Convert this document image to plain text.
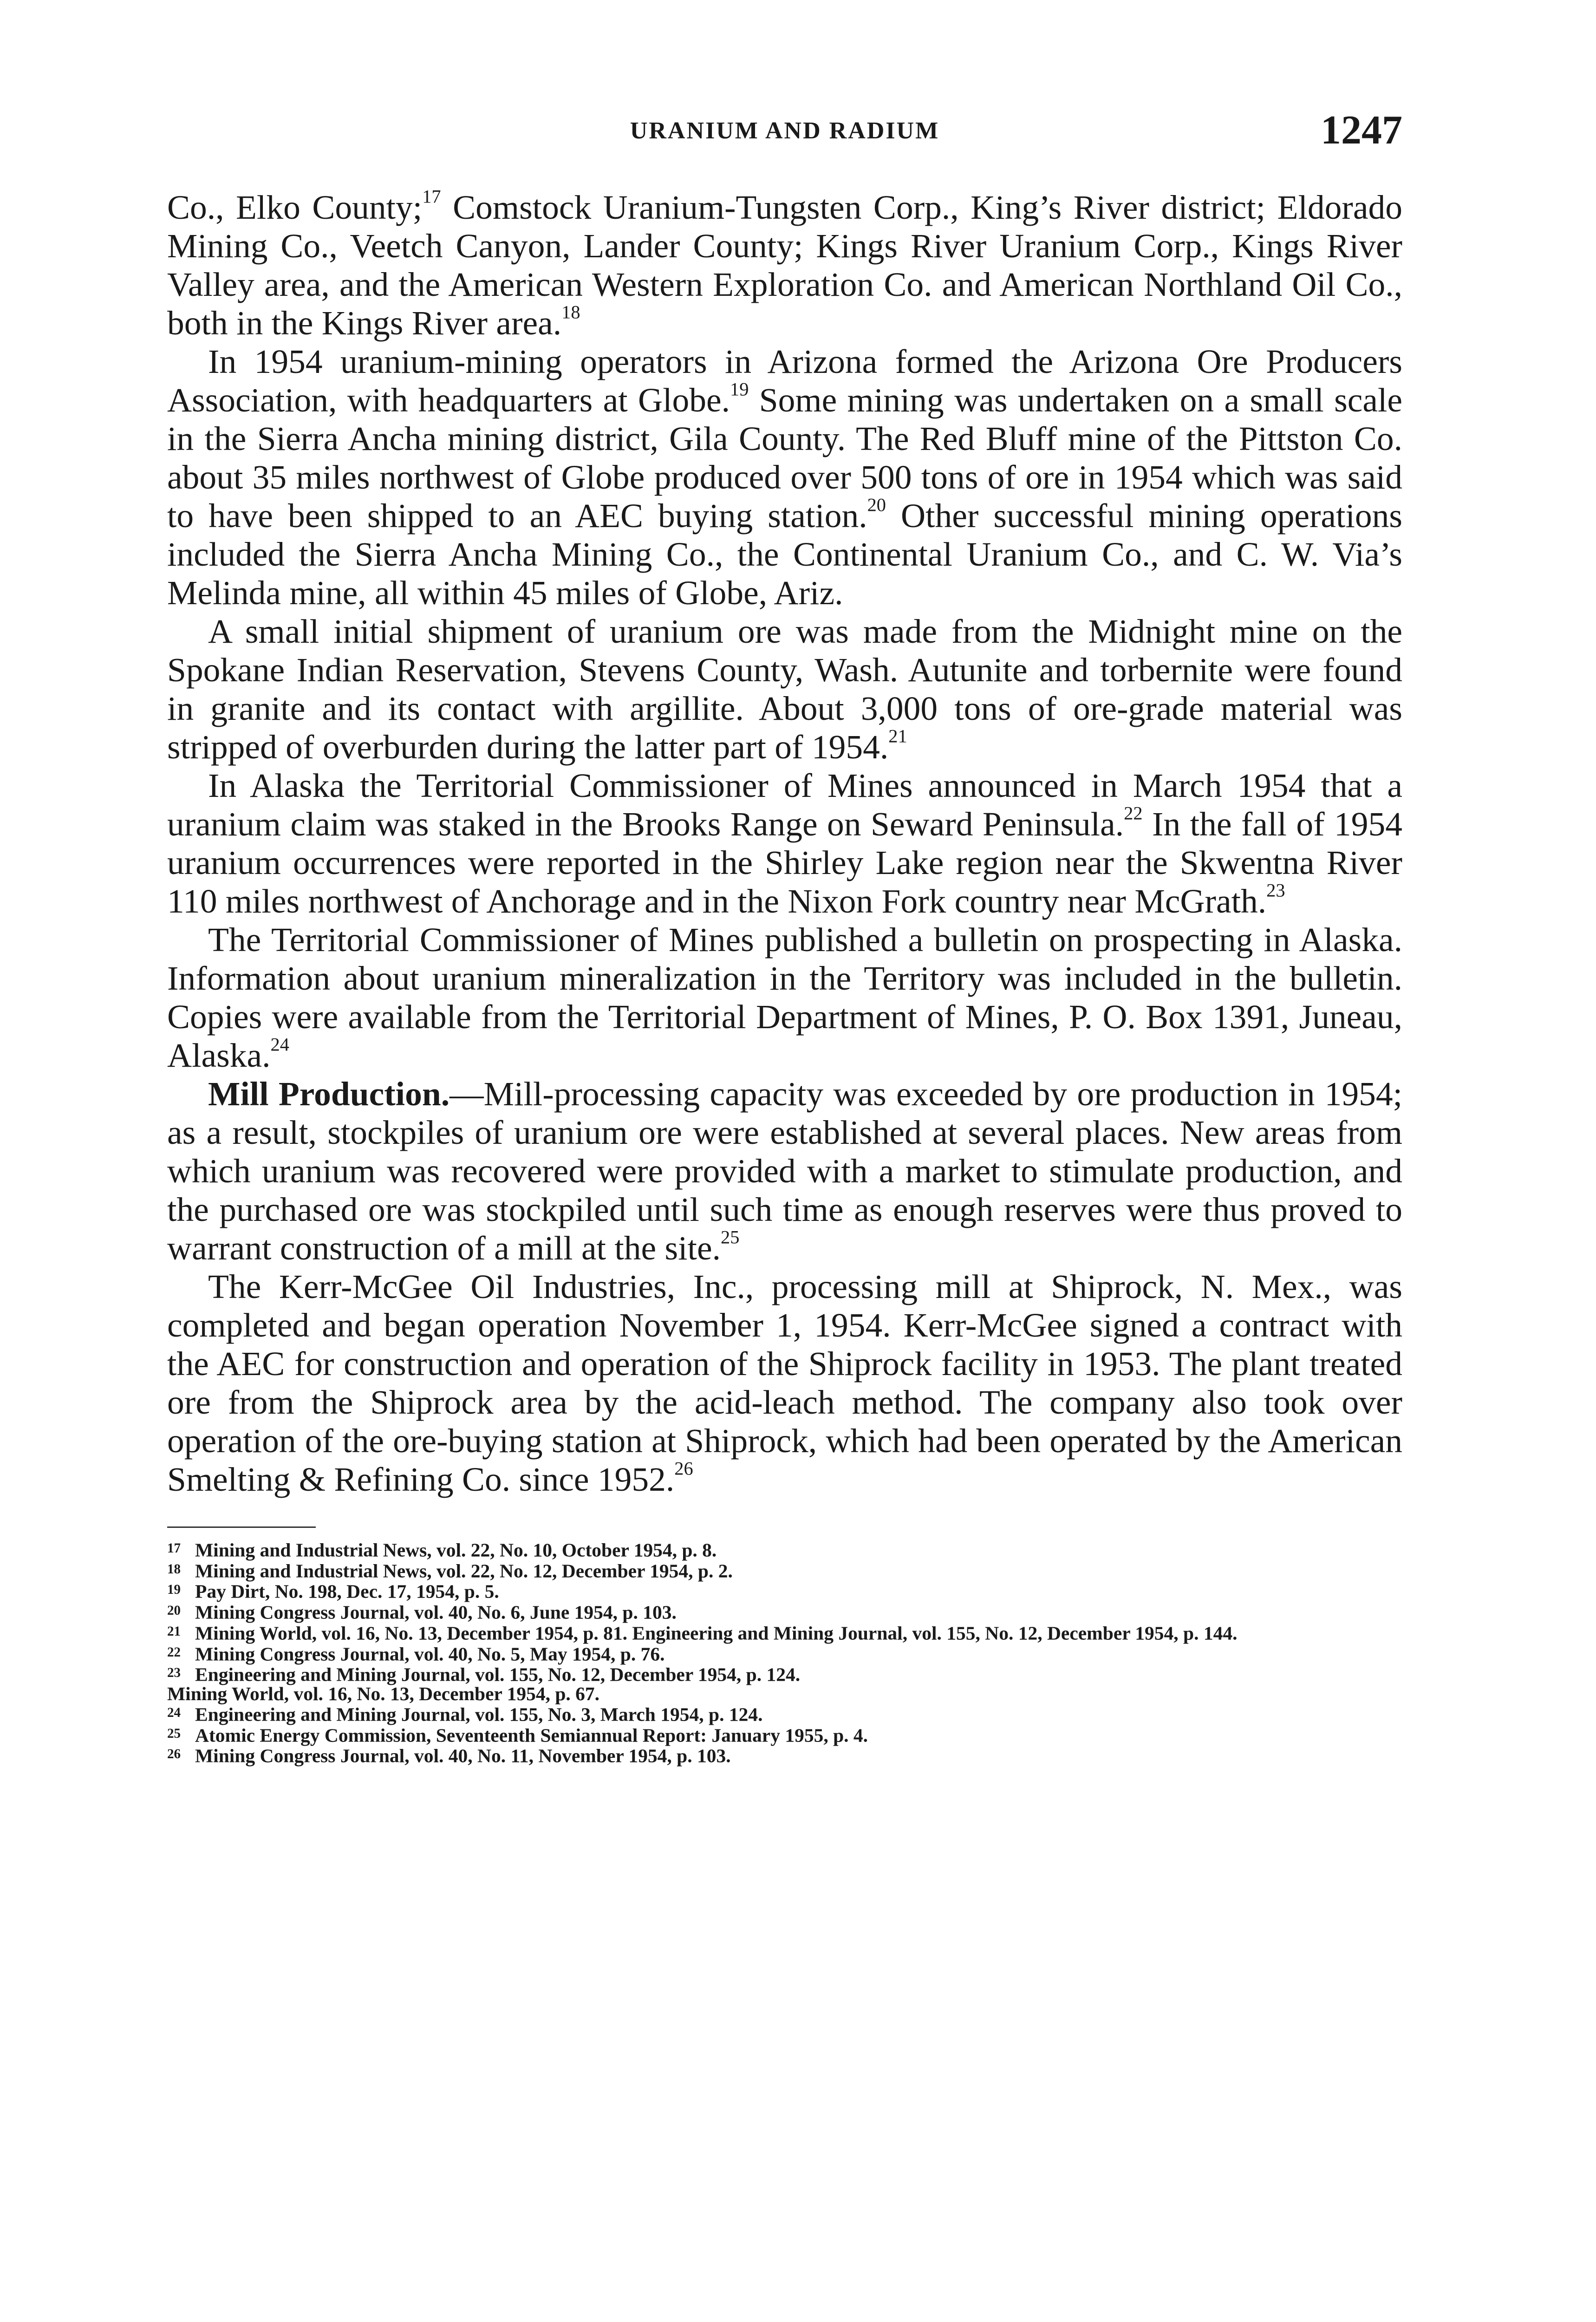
URANIUM AND RADIUM	1247

Co., Elko County;$^{17}$ Comstock Uranium-Tungsten Corp., King’s River district; Eldorado Mining Co., Veetch Canyon, Lander County; Kings River Uranium Corp., Kings River Valley area, and the American Western Exploration Co. and American Northland Oil Co., both in the Kings River area.$^{18}$

In 1954 uranium-mining operators in Arizona formed the Arizona Ore Producers Association, with headquarters at Globe.$^{19}$ Some mining was undertaken on a small scale in the Sierra Ancha mining district, Gila County. The Red Bluff mine of the Pittston Co. about 35 miles northwest of Globe produced over 500 tons of ore in 1954 which was said to have been shipped to an AEC buying station.$^{20}$ Other successful mining operations included the Sierra Ancha Mining Co., the Continental Uranium Co., and C. W. Via’s Melinda mine, all within 45 miles of Globe, Ariz.

A small initial shipment of uranium ore was made from the Midnight mine on the Spokane Indian Reservation, Stevens County, Wash. Autunite and torbernite were found in granite and its contact with argillite. About 3,000 tons of ore-grade material was stripped of overburden during the latter part of 1954.21

In Alaska the Territorial Commissioner of Mines announced in March 1954 that a uranium claim was staked in the Brooks Range on Seward Peninsula.$^{22}$ In the fall of 1954 uranium occurrences were reported in the Shirley Lake region near the Skwentna River 110 miles northwest of Anchorage and in the Nixon Fork country near McGrath.$^{23}$

The Territorial Commissioner of Mines published a bulletin on prospecting in Alaska. Information about uranium mineralization in the Territory was included in the bulletin. Copies were available from the Territorial Department of Mines, P. O. Box 1391, Juneau, Alaska.$^{24}$

Mill Production.—Mill-processing capacity was exceeded by ore production in 1954; as a result, stockpiles of uranium ore were established at several places. New areas from which uranium was recovered were provided with a market to stimulate production, and the purchased ore was stockpiled until such time as enough reserves were thus proved to warrant construction of a mill at the site.$^{25}$

The Kerr-McGee Oil Industries, Inc., processing mill at Shiprock, N. Mex., was completed and began operation November 1, 1954. Kerr-McGee signed a contract with the AEC for construction and operation of the Shiprock facility in 1953. The plant treated ore from the Shiprock area by the acid-leach method. The company also took over operation of the ore-buying station at Shiprock, which had been operated by the American Smelting & Refining Co. since 1952.26

17 Mining and Industrial News, vol. 22, No. 10, October 1954, p. 8.
18 Mining and Industrial News, vol. 22, No. 12, December 1954, p. 2.
19 Pay Dirt, No. 198, Dec. 17, 1954, p. 5.
20 Mining Congress Journal, vol. 40, No. 6, June 1954, p. 103.
21 Mining World, vol. 16, No. 13, December 1954, p. 81. Engineering and Mining Journal, vol. 155, No. 12, December 1954, p. 144.
22 Mining Congress Journal, vol. 40, No. 5, May 1954, p. 76.
23 Engineering and Mining Journal, vol. 155, No. 12, December 1954, p. 124.
Mining World, vol. 16, No. 13, December 1954, p. 67.
24 Engineering and Mining Journal, vol. 155, No. 3, March 1954, p. 124.
25 Atomic Energy Commission, Seventeenth Semiannual Report: January 1955, p. 4.
26 Mining Congress Journal, vol. 40, No. 11, November 1954, p. 103.
